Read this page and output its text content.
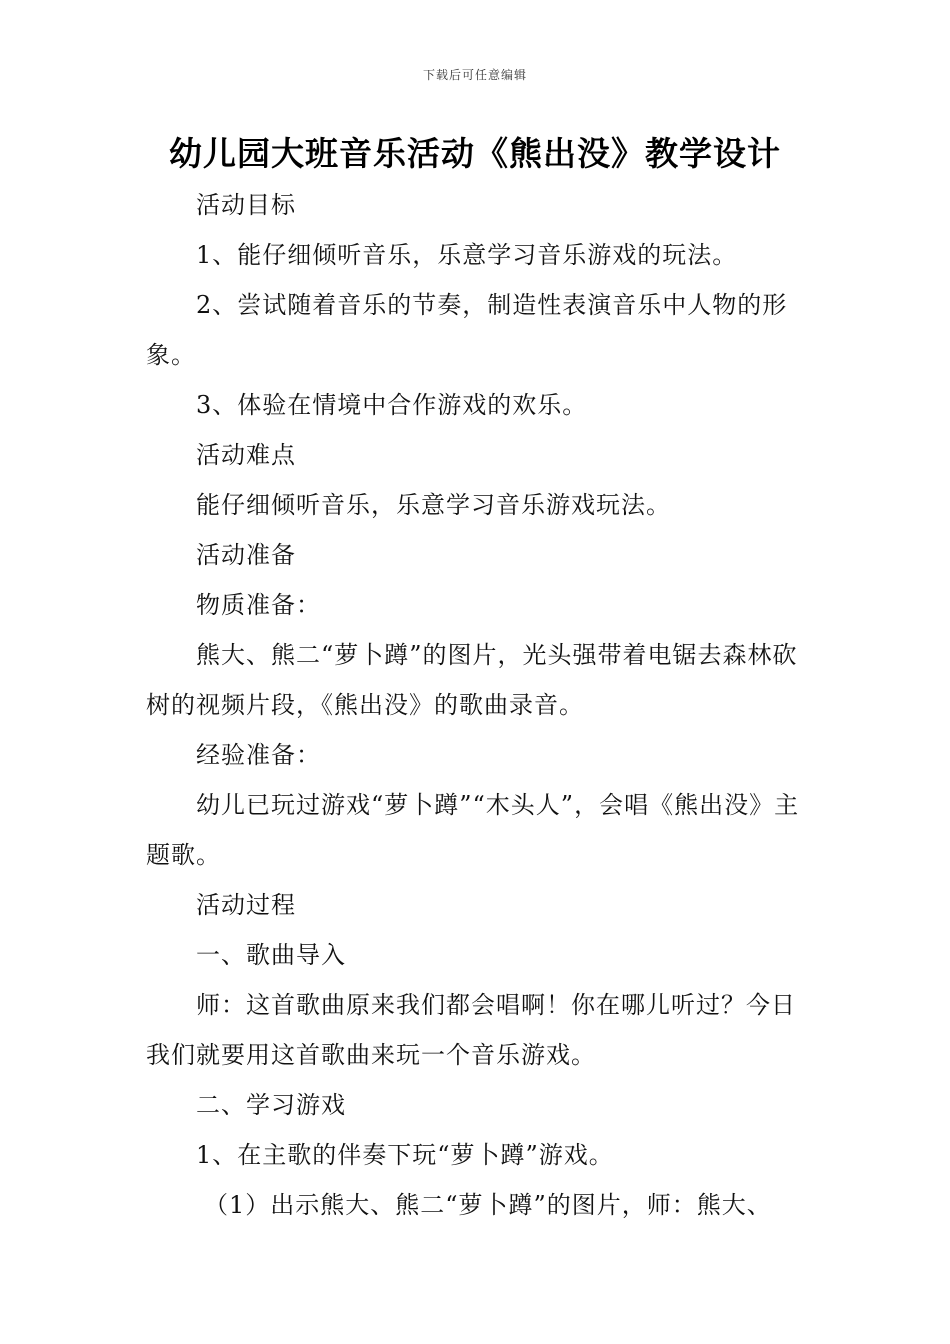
下载后可任意编辑
幼儿园大班音乐活动《熊出没》教学设计

活动目标

1、能仔细倾听音乐，乐意学习音乐游戏的玩法。

2、尝试随着音乐的节奏，制造性表演音乐中人物的形象。

3、体验在情境中合作游戏的欢乐。

活动难点

能仔细倾听音乐，乐意学习音乐游戏玩法。

活动准备

物质准备：

熊大、熊二“萝卜蹲”的图片，光头强带着电锯去森林砍树的视频片段，《熊出没》的歌曲录音。

经验准备：

幼儿已玩过游戏“萝卜蹲”“木头人”，会唱《熊出没》主题歌。

活动过程

一、歌曲导入

师：这首歌曲原来我们都会唱啊！你在哪儿听过？今日我们就要用这首歌曲来玩一个音乐游戏。

二、学习游戏

1、在主歌的伴奏下玩“萝卜蹲”游戏。

（1）出示熊大、熊二“萝卜蹲”的图片，师：熊大、
